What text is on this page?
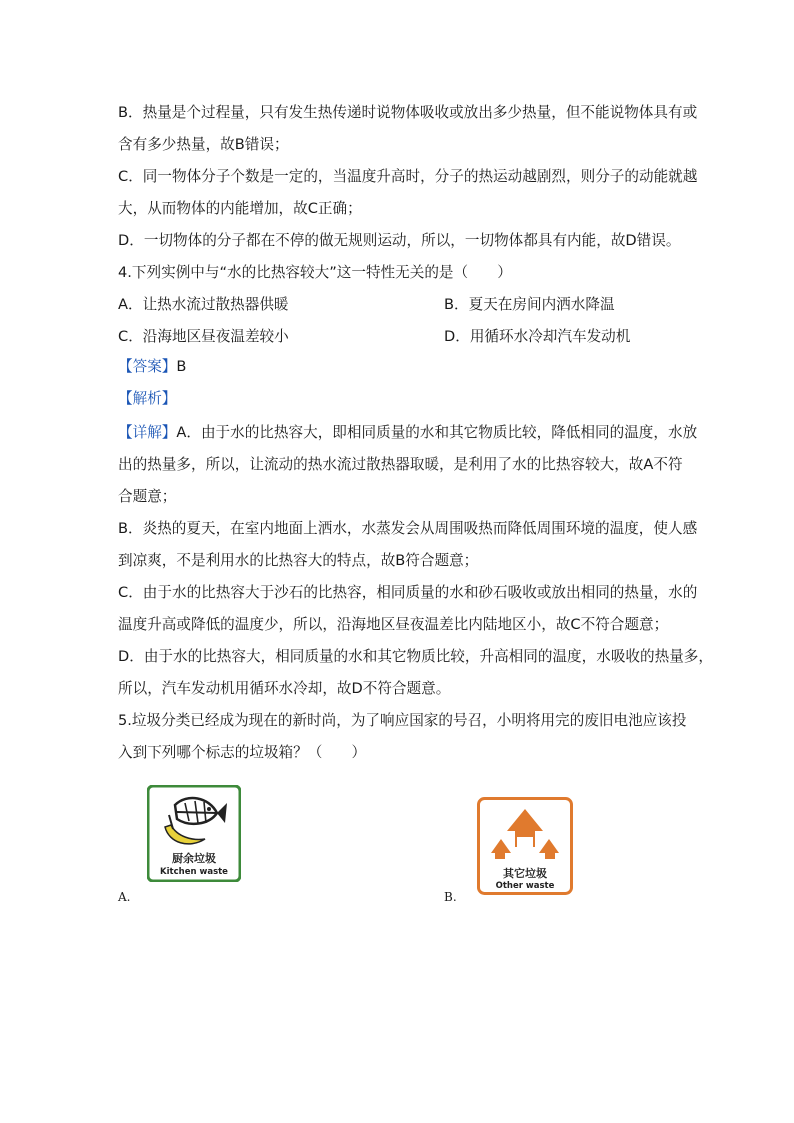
B．热量是个过程量，只有发生热传递时说物体吸收或放出多少热量，但不能说物体具有或
含有多少热量，故B错误；
C．同一物体分子个数是一定的，当温度升高时，分子的热运动越剧烈，则分子的动能就越
大，从而物体的内能增加，故C正确；
D．一切物体的分子都在不停的做无规则运动，所以，一切物体都具有内能，故D错误。
4.下列实例中与“水的比热容较大”这一特性无关的是（　　）
A．让热水流过散热器供暖	B．夏天在房间内洒水降温
C．沿海地区昼夜温差较小	D．用循环水冷却汽车发动机
【答案】B
【解析】
【详解】A．由于水的比热容大，即相同质量的水和其它物质比较，降低相同的温度，水放
出的热量多，所以，让流动的热水流过散热器取暖，是利用了水的比热容较大，故A不符
合题意；
B．炎热的夏天，在室内地面上洒水，水蒸发会从周围吸热而降低周围环境的温度，使人感
到凉爽，不是利用水的比热容大的特点，故B符合题意；
C．由于水的比热容大于沙石的比热容，相同质量的水和砂石吸收或放出相同的热量，水的
温度升高或降低的温度少，所以，沿海地区昼夜温差比内陆地区小，故C不符合题意；
D．由于水的比热容大，相同质量的水和其它物质比较，升高相同的温度，水吸收的热量多，
所以，汽车发动机用循环水冷却，故D不符合题意。
5.垃圾分类已经成为现在的新时尚，为了响应国家的号召，小明将用完的废旧电池应该投
入到下列哪个标志的垃圾箱？（　　）
厨余垃圾
Kitchen waste
A.
其它垃圾
Other waste
B.
